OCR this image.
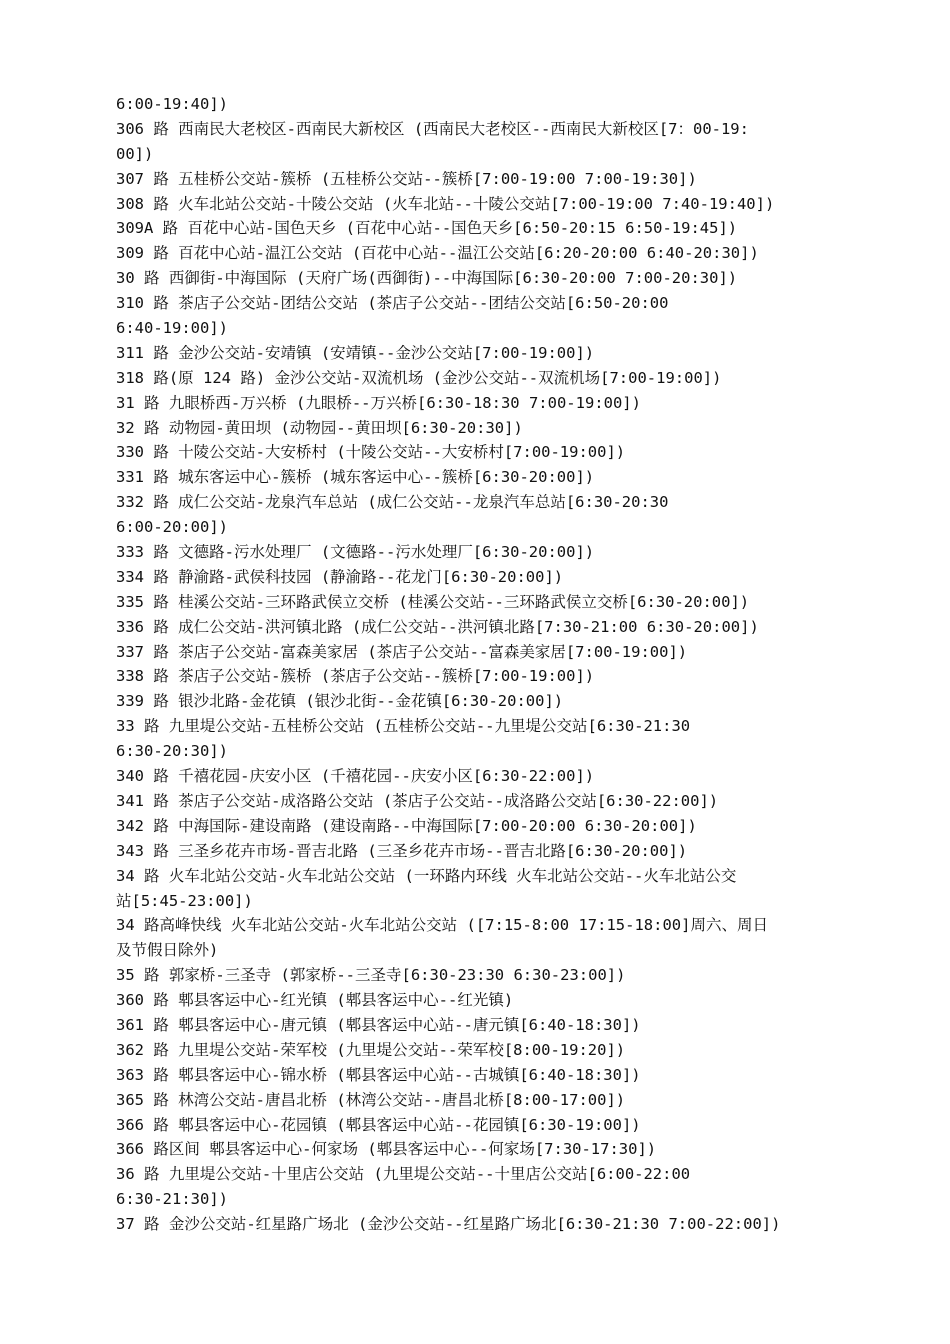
6:00-19:40])
306 路 西南民大老校区-西南民大新校区 (西南民大老校区--西南民大新校区[7：00-19:
00])
307 路 五桂桥公交站-簇桥 (五桂桥公交站--簇桥[7:00-19:00 7:00-19:30])
308 路 火车北站公交站-十陵公交站 (火车北站--十陵公交站[7:00-19:00 7:40-19:40])
309A 路 百花中心站-国色天乡 (百花中心站--国色天乡[6:50-20:15 6:50-19:45])
309 路 百花中心站-温江公交站 (百花中心站--温江公交站[6:20-20:00 6:40-20:30])
30 路 西御街-中海国际 (天府广场(西御街)--中海国际[6:30-20:00 7:00-20:30])
310 路 茶店子公交站-团结公交站 (茶店子公交站--团结公交站[6:50-20:00
6:40-19:00])
311 路 金沙公交站-安靖镇 (安靖镇--金沙公交站[7:00-19:00])
318 路(原 124 路) 金沙公交站-双流机场 (金沙公交站--双流机场[7:00-19:00])
31 路 九眼桥西-万兴桥 (九眼桥--万兴桥[6:30-18:30 7:00-19:00])
32 路 动物园-黄田坝 (动物园--黄田坝[6:30-20:30])
330 路 十陵公交站-大安桥村 (十陵公交站--大安桥村[7:00-19:00])
331 路 城东客运中心-簇桥 (城东客运中心--簇桥[6:30-20:00])
332 路 成仁公交站-龙泉汽车总站 (成仁公交站--龙泉汽车总站[6:30-20:30
6:00-20:00])
333 路 文德路-污水处理厂 (文德路--污水处理厂[6:30-20:00])
334 路 静渝路-武侯科技园 (静渝路--花龙门[6:30-20:00])
335 路 桂溪公交站-三环路武侯立交桥 (桂溪公交站--三环路武侯立交桥[6:30-20:00])
336 路 成仁公交站-洪河镇北路 (成仁公交站--洪河镇北路[7:30-21:00 6:30-20:00])
337 路 茶店子公交站-富森美家居 (茶店子公交站--富森美家居[7:00-19:00])
338 路 茶店子公交站-簇桥 (茶店子公交站--簇桥[7:00-19:00])
339 路 银沙北路-金花镇 (银沙北街--金花镇[6:30-20:00])
33 路 九里堤公交站-五桂桥公交站 (五桂桥公交站--九里堤公交站[6:30-21:30
6:30-20:30])
340 路 千禧花园-庆安小区 (千禧花园--庆安小区[6:30-22:00])
341 路 茶店子公交站-成洛路公交站 (茶店子公交站--成洛路公交站[6:30-22:00])
342 路 中海国际-建设南路 (建设南路--中海国际[7:00-20:00 6:30-20:00])
343 路 三圣乡花卉市场-晋吉北路 (三圣乡花卉市场--晋吉北路[6:30-20:00])
34 路 火车北站公交站-火车北站公交站 (一环路内环线 火车北站公交站--火车北站公交
站[5:45-23:00])
34 路高峰快线 火车北站公交站-火车北站公交站 ([7:15-8:00 17:15-18:00]周六、周日
及节假日除外)
35 路 郭家桥-三圣寺 (郭家桥--三圣寺[6:30-23:30 6:30-23:00])
360 路 郫县客运中心-红光镇 (郫县客运中心--红光镇)
361 路 郫县客运中心-唐元镇 (郫县客运中心站--唐元镇[6:40-18:30])
362 路 九里堤公交站-荣军校 (九里堤公交站--荣军校[8:00-19:20])
363 路 郫县客运中心-锦水桥 (郫县客运中心站--古城镇[6:40-18:30])
365 路 林湾公交站-唐昌北桥 (林湾公交站--唐昌北桥[8:00-17:00])
366 路 郫县客运中心-花园镇 (郫县客运中心站--花园镇[6:30-19:00])
366 路区间 郫县客运中心-何家场 (郫县客运中心--何家场[7:30-17:30])
36 路 九里堤公交站-十里店公交站 (九里堤公交站--十里店公交站[6:00-22:00
6:30-21:30])
37 路 金沙公交站-红星路广场北 (金沙公交站--红星路广场北[6:30-21:30 7:00-22:00])
